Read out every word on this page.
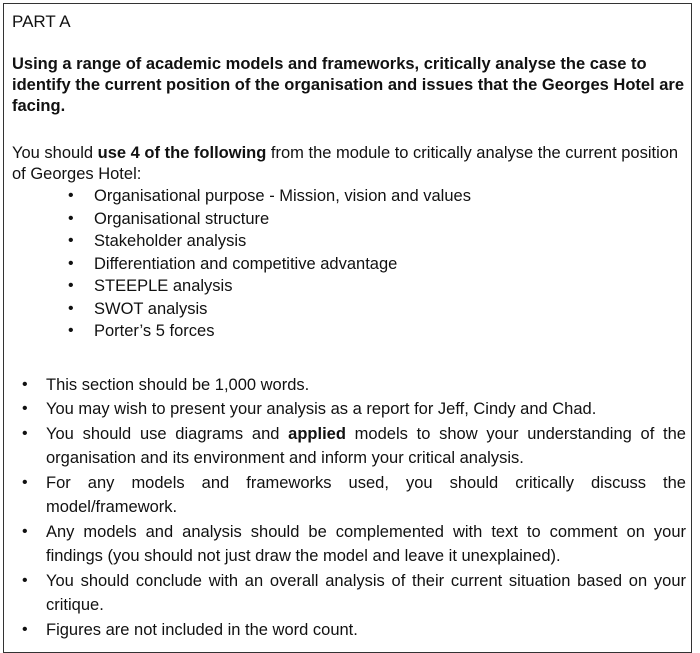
PART A
Using a range of academic models and frameworks, critically analyse the case to identify the current position of the organisation and issues that the Georges Hotel are facing.

You should use 4 of the following from the module to critically analyse the current position of Georges Hotel:

• Organisational purpose - Mission, vision and values
• Organisational structure
• Stakeholder analysis
• Differentiation and competitive advantage
• STEEPLE analysis
• SWOT analysis
• Porter’s 5 forces
• This section should be 1,000 words.
• You may wish to present your analysis as a report for Jeff, Cindy and Chad.
• You should use diagrams and applied models to show your understanding of the organisation and its environment and inform your critical analysis.
• For any models and frameworks used, you should critically discuss the model/framework.
• Any models and analysis should be complemented with text to comment on your findings (you should not just draw the model and leave it unexplained).
• You should conclude with an overall analysis of their current situation based on your critique.
• Figures are not included in the word count.
